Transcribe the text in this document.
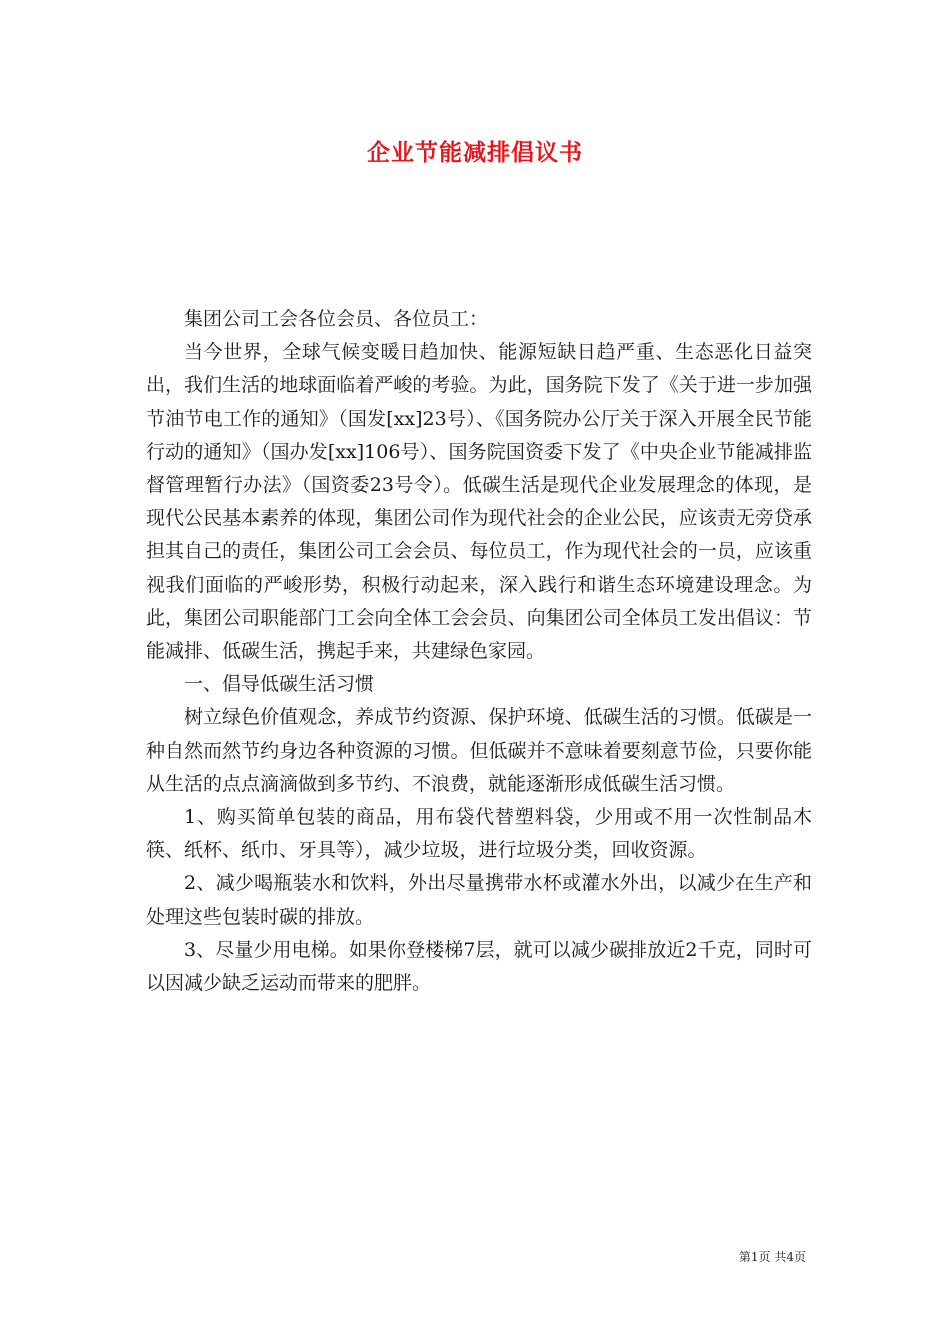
企业节能减排倡议书

集团公司工会各位会员、各位员工：

当今世界，全球气候变暖日趋加快、能源短缺日趋严重、生态恶化日益突出，我们生活的地球面临着严峻的考验。为此，国务院下发了《关于进一步加强节油节电工作的通知》（国发[xx]23号）、《国务院办公厅关于深入开展全民节能行动的通知》（国办发[xx]106号）、国务院国资委下发了《中央企业节能减排监督管理暂行办法》（国资委23号令）。低碳生活是现代企业发展理念的体现，是现代公民基本素养的体现，集团公司作为现代社会的企业公民，应该责无旁贷承担其自己的责任，集团公司工会会员、每位员工，作为现代社会的一员，应该重视我们面临的严峻形势，积极行动起来，深入践行和谐生态环境建设理念。为此，集团公司职能部门工会向全体工会会员、向集团公司全体员工发出倡议：节能减排、低碳生活，携起手来，共建绿色家园。

一、倡导低碳生活习惯

树立绿色价值观念，养成节约资源、保护环境、低碳生活的习惯。低碳是一种自然而然节约身边各种资源的习惯。但低碳并不意味着要刻意节俭，只要你能从生活的点点滴滴做到多节约、不浪费，就能逐渐形成低碳生活习惯。

1、购买简单包装的商品，用布袋代替塑料袋，少用或不用一次性制品木筷、纸杯、纸巾、牙具等），减少垃圾，进行垃圾分类，回收资源。

2、减少喝瓶装水和饮料，外出尽量携带水杯或灌水外出，以减少在生产和处理这些包装时碳的排放。

3、尽量少用电梯。如果你登楼梯7层，就可以减少碳排放近2千克，同时可以因减少缺乏运动而带来的肥胖。

第1页 共4页
